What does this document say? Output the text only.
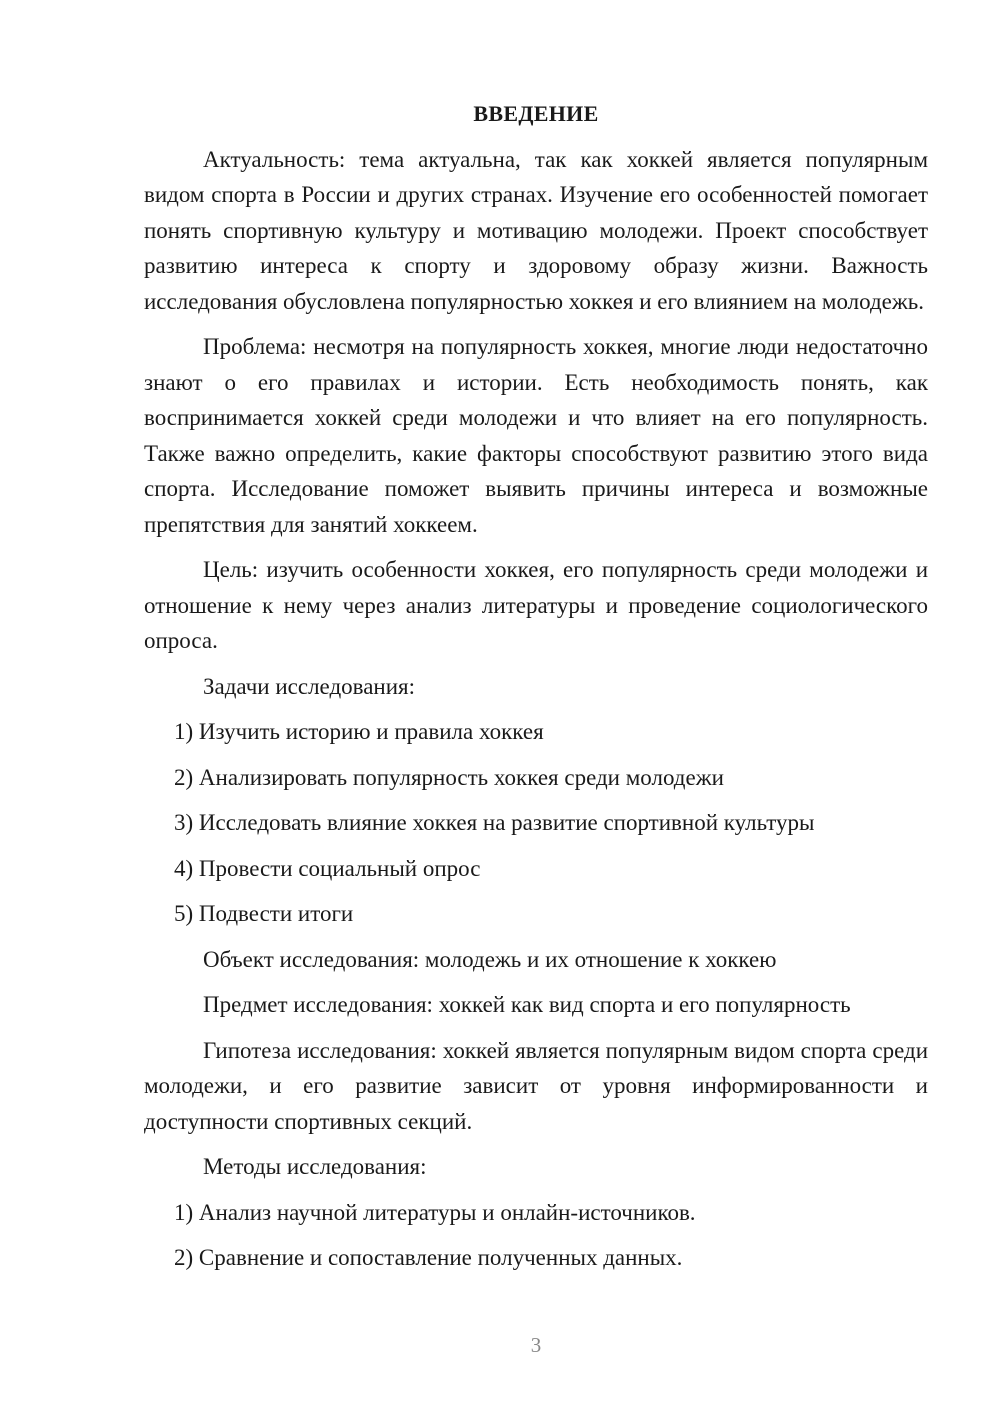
ВВЕДЕНИЕ

Актуальность: тема актуальна, так как хоккей является популярным видом спорта в России и других странах. Изучение его особенностей помогает понять спортивную культуру и мотивацию молодежи. Проект способствует развитию интереса к спорту и здоровому образу жизни. Важность исследования обусловлена популярностью хоккея и его влиянием на молодежь.

Проблема: несмотря на популярность хоккея, многие люди недостаточно знают о его правилах и истории. Есть необходимость понять, как воспринимается хоккей среди молодежи и что влияет на его популярность. Также важно определить, какие факторы способствуют развитию этого вида спорта. Исследование поможет выявить причины интереса и возможные препятствия для занятий хоккеем.

Цель: изучить особенности хоккея, его популярность среди молодежи и отношение к нему через анализ литературы и проведение социологического опроса.

Задачи исследования:

1) Изучить историю и правила хоккея
2) Анализировать популярность хоккея среди молодежи
3) Исследовать влияние хоккея на развитие спортивной культуры
4) Провести социальный опрос
5) Подвести итоги

Объект исследования: молодежь и их отношение к хоккею

Предмет исследования: хоккей как вид спорта и его популярность

Гипотеза исследования: хоккей является популярным видом спорта среди молодежи, и его развитие зависит от уровня информированности и доступности спортивных секций.

Методы исследования:

1) Анализ научной литературы и онлайн-источников.
2) Сравнение и сопоставление полученных данных.
3
